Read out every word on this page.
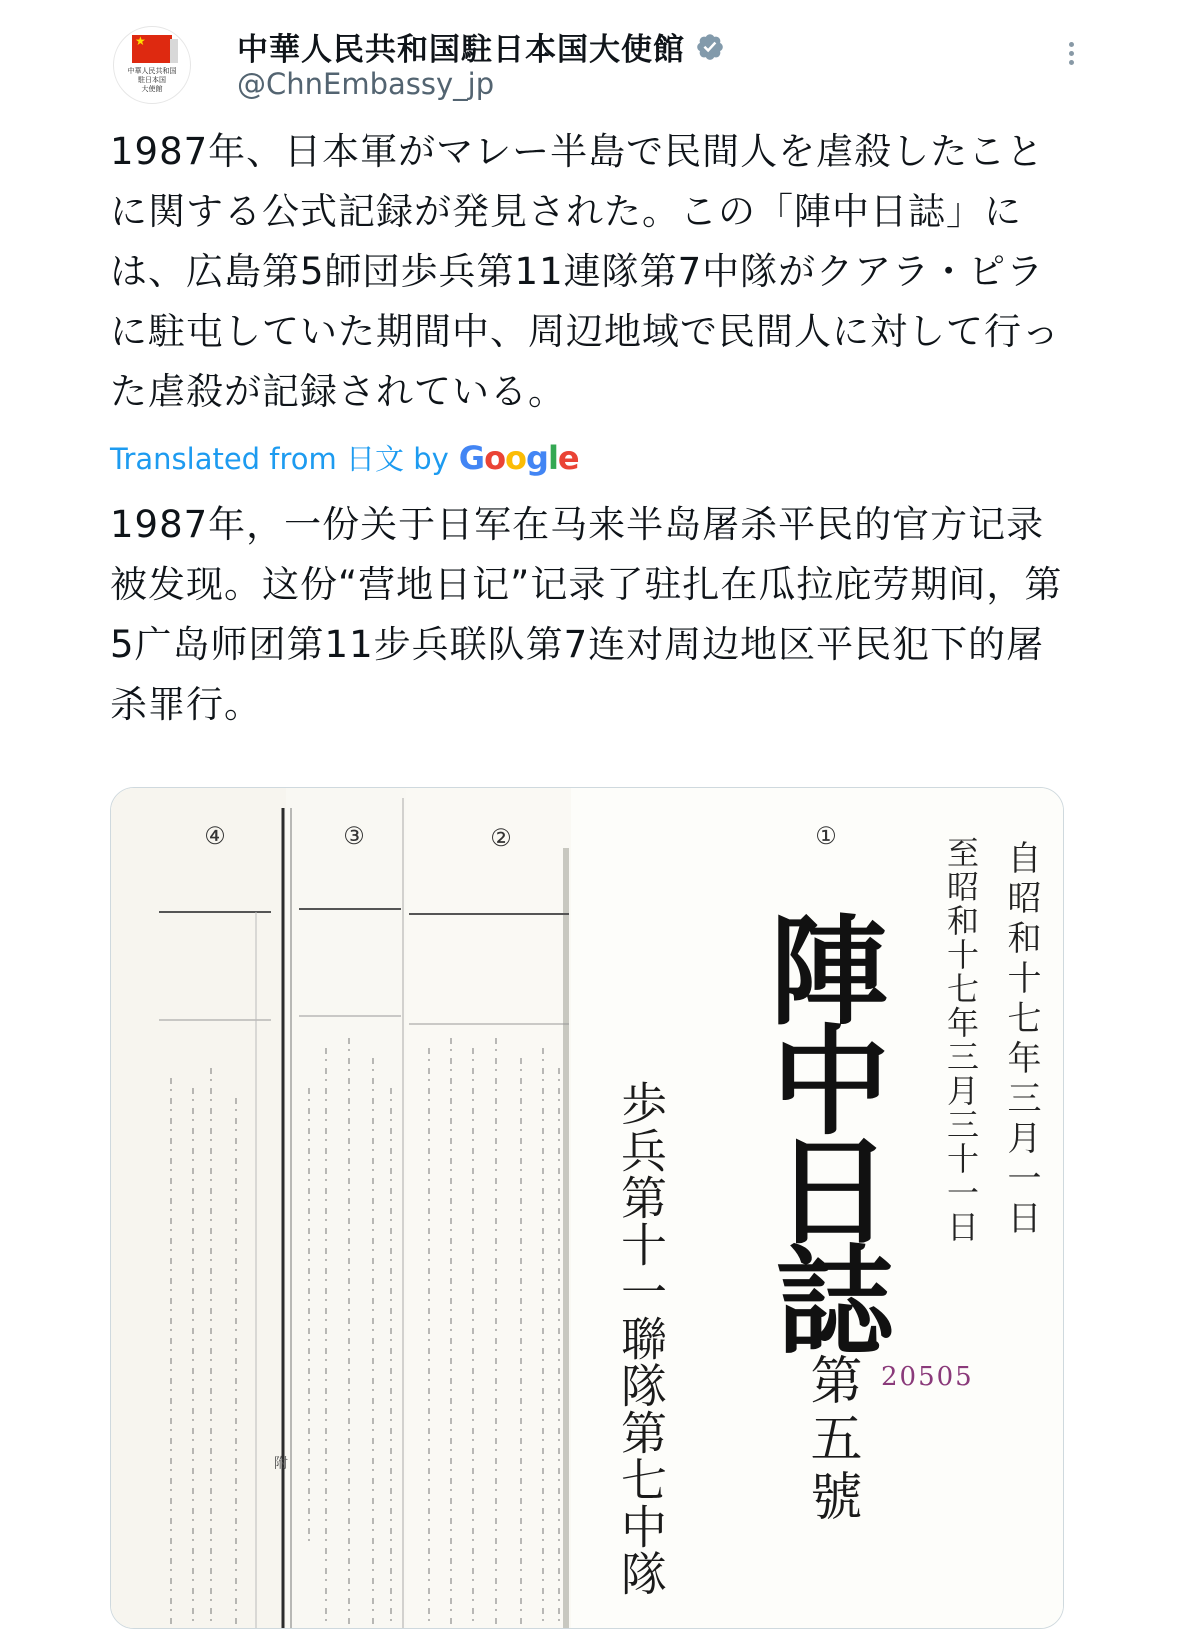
★
中華人民共和国
駐日本国
大使館
中華人民共和国駐日本国大使館
@ChnEmbassy_jp
1987年、日本軍がマレー半島で民間人を虐殺したことに関する公式記録が発見された。この「陣中日誌」には、広島第5師団歩兵第11連隊第7中隊がクアラ・ピラに駐屯していた期間中、周辺地域で民間人に対して行った虐殺が記録されている。
Translated from 日文 by Google
1987年，一份关于日军在马来半岛屠杀平民的官方记录被发现。这份“营地日记”记录了驻扎在瓜拉庇劳期间，第5广岛师团第11步兵联队第7连对周边地区平民犯下的屠杀罪行。
④	③	②	①
附
陣
中
日
誌
自昭和十七年三月一日
至昭和十七年三月三十一日
歩兵第十一聯隊第七中隊	第五號 20505
